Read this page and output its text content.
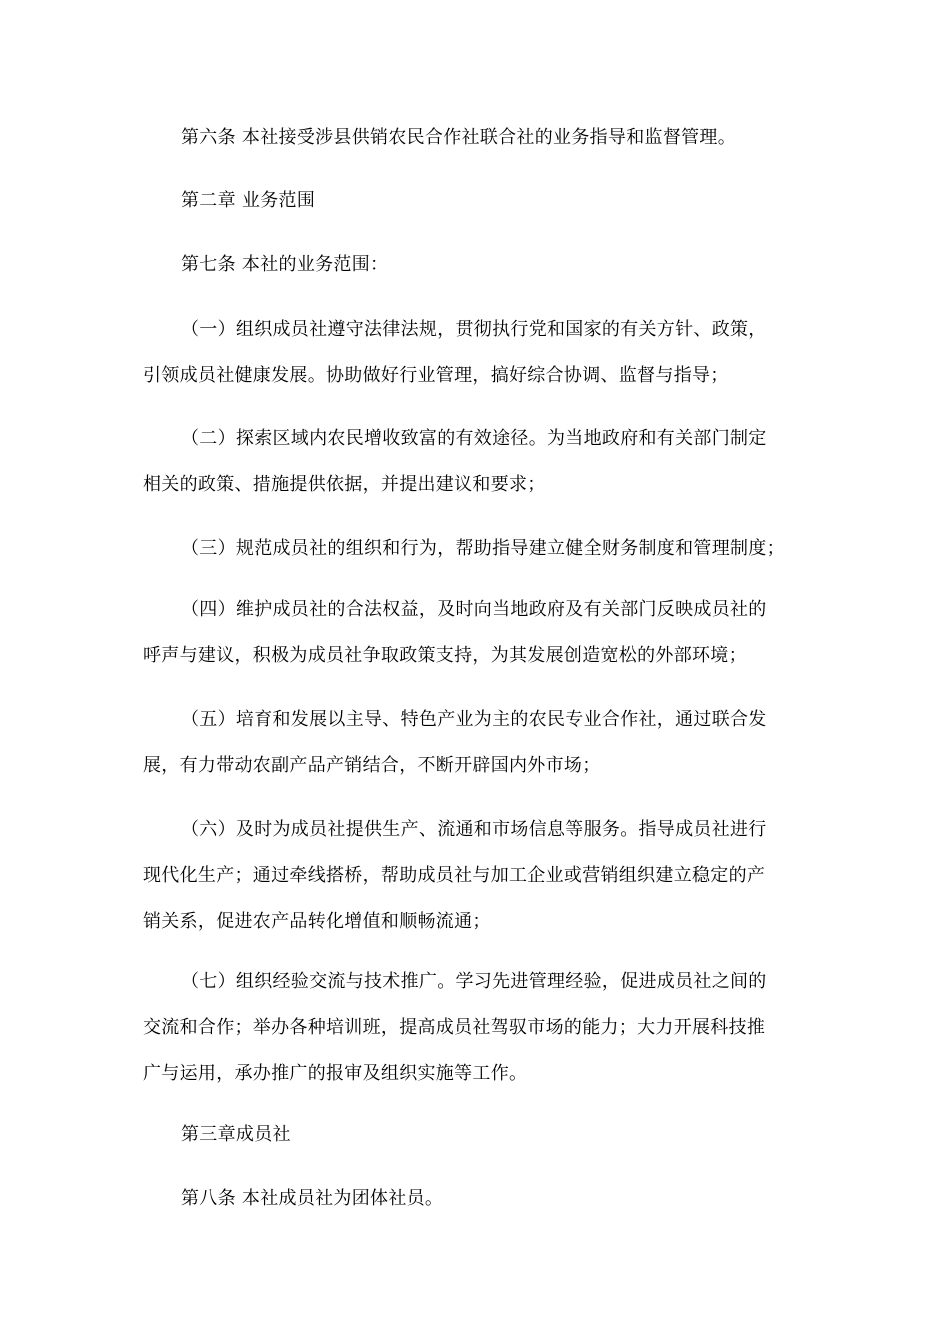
第六条 本社接受涉县供销农民合作社联合社的业务指导和监督管理。
第二章 业务范围
第七条 本社的业务范围：
（一）组织成员社遵守法律法规，贯彻执行党和国家的有关方针、政策，
引领成员社健康发展。协助做好行业管理，搞好综合协调、监督与指导；
（二）探索区域内农民增收致富的有效途径。为当地政府和有关部门制定
相关的政策、措施提供依据，并提出建议和要求；
（三）规范成员社的组织和行为，帮助指导建立健全财务制度和管理制度；
（四）维护成员社的合法权益，及时向当地政府及有关部门反映成员社的
呼声与建议，积极为成员社争取政策支持，为其发展创造宽松的外部环境；
（五）培育和发展以主导、特色产业为主的农民专业合作社，通过联合发
展，有力带动农副产品产销结合，不断开辟国内外市场；
（六）及时为成员社提供生产、流通和市场信息等服务。指导成员社进行
现代化生产；通过牵线搭桥，帮助成员社与加工企业或营销组织建立稳定的产
销关系，促进农产品转化增值和顺畅流通；
（七）组织经验交流与技术推广。学习先进管理经验，促进成员社之间的
交流和合作；举办各种培训班，提高成员社驾驭市场的能力；大力开展科技推
广与运用，承办推广的报审及组织实施等工作。
第三章成员社
第八条 本社成员社为团体社员。
